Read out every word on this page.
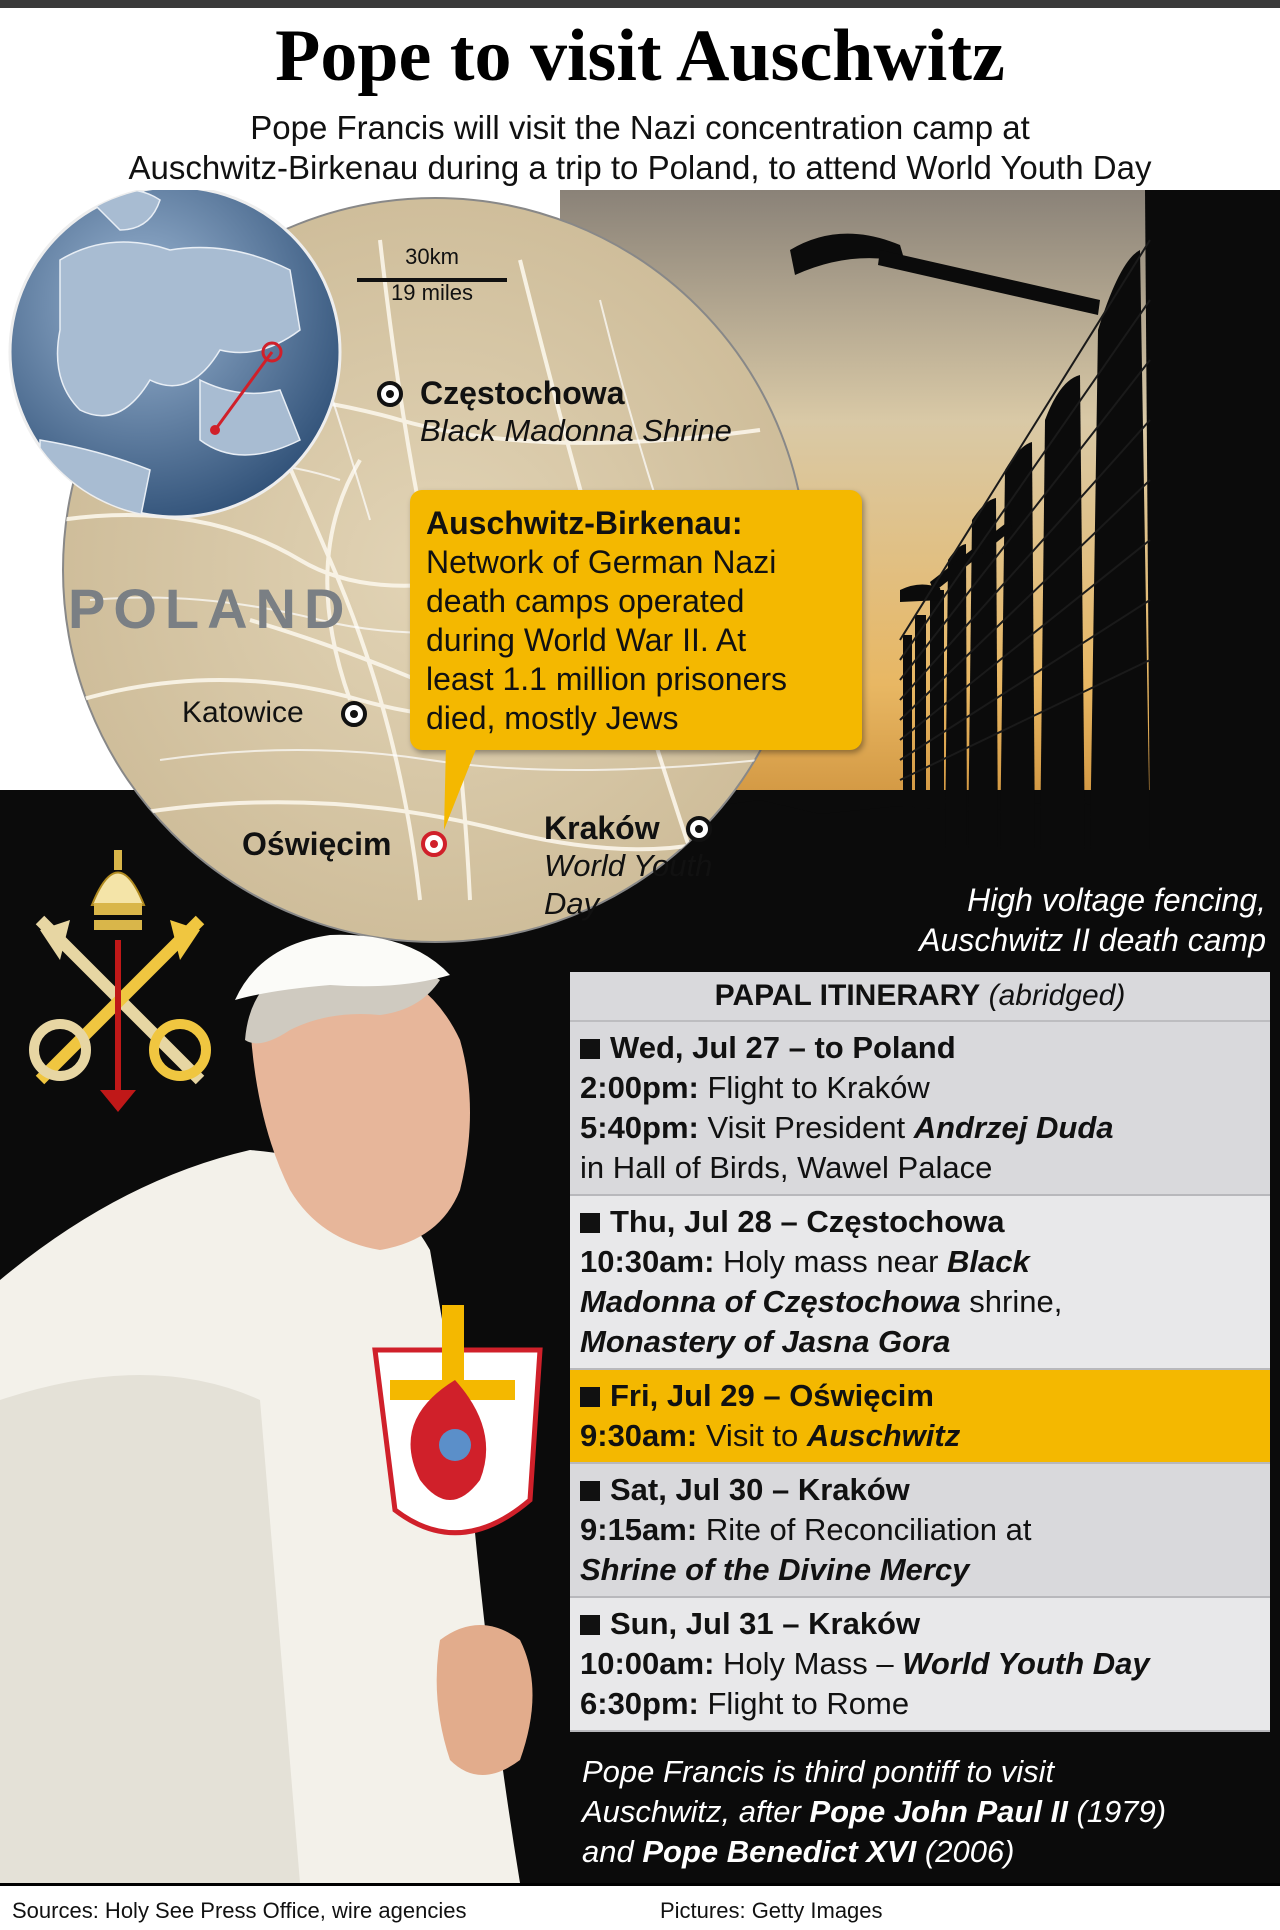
Pope to visit Auschwitz
Pope Francis will visit the Nazi concentration camp at
Auschwitz-Birkenau during a trip to Poland, to attend World Youth Day
30km
19 miles
POLAND
Częstochowa
Black Madonna Shrine
Katowice
Oświęcim	Kraków
World Youth
Day
Auschwitz-Birkenau:
Network of German Nazi
death camps operated
during World War II. At
least 1.1 million prisoners
died, mostly Jews
High voltage fencing,
Auschwitz II death camp
PAPAL ITINERARY (abridged)
Wed, Jul 27 – to Poland
2:00pm: Flight to Kraków
5:40pm: Visit President Andrzej Duda
in Hall of Birds, Wawel Palace
Thu, Jul 28 – Częstochowa
10:30am: Holy mass near Black
Madonna of Częstochowa shrine,
Monastery of Jasna Gora
Fri, Jul 29 – Oświęcim
9:30am: Visit to Auschwitz
Sat, Jul 30 – Kraków
9:15am: Rite of Reconciliation at
Shrine of the Divine Mercy
Sun, Jul 31 – Kraków
10:00am: Holy Mass – World Youth Day
6:30pm: Flight to Rome
Pope Francis is third pontiff to visit
Auschwitz, after Pope John Paul II (1979)
and Pope Benedict XVI (2006)
Sources: Holy See Press Office, wire agencies	Pictures: Getty Images
